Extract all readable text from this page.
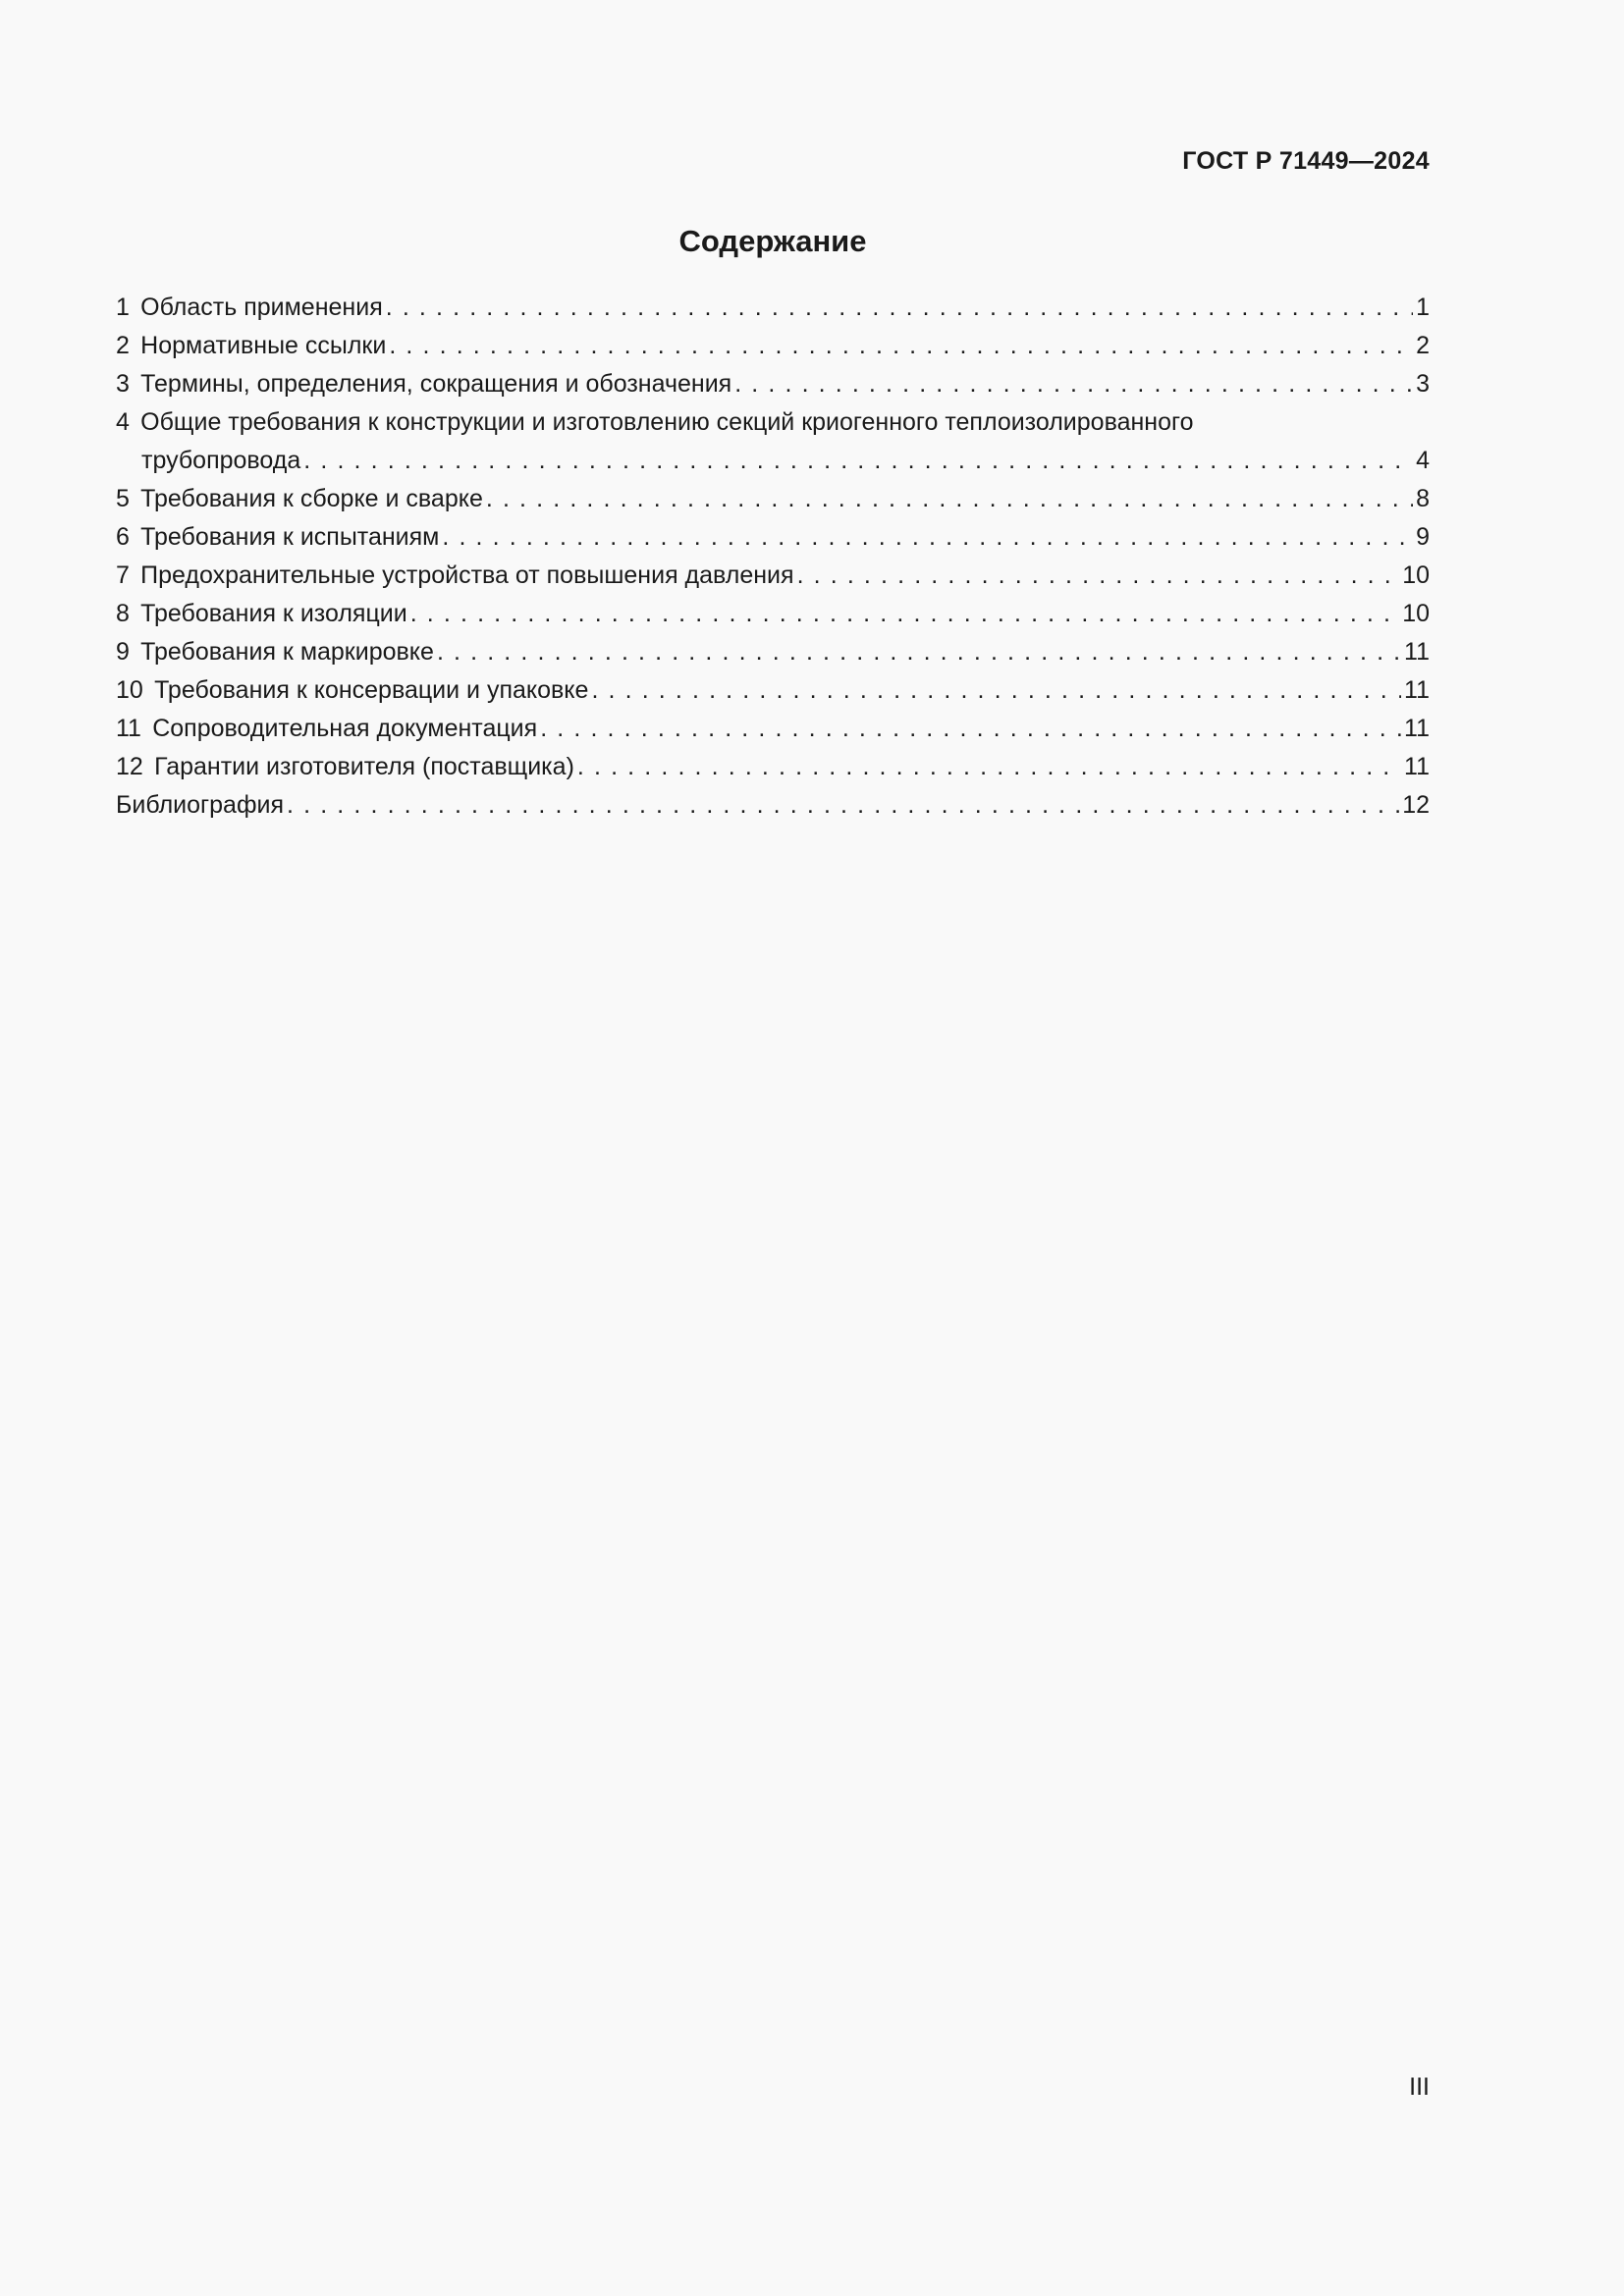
ГОСТ Р 71449—2024
Содержание
1 Область применения . . .	1
2 Нормативные ссылки . . .	2
3 Термины, определения, сокращения и обозначения . . .	3
4 Общие требования к конструкции и изготовлению секций криогенного теплоизолированного
трубопровода . . .	4
5 Требования к сборке и сварке . . .	8
6 Требования к испытаниям . . .	9
7 Предохранительные устройства от повышения давления . . .	10
8 Требования к изоляции . . .	10
9 Требования к маркировке . . .	11
10 Требования к консервации и упаковке . . .	11
11 Сопроводительная документация . . .	11
12 Гарантии изготовителя (поставщика) . . .	11
Библиография . . .	12
III
